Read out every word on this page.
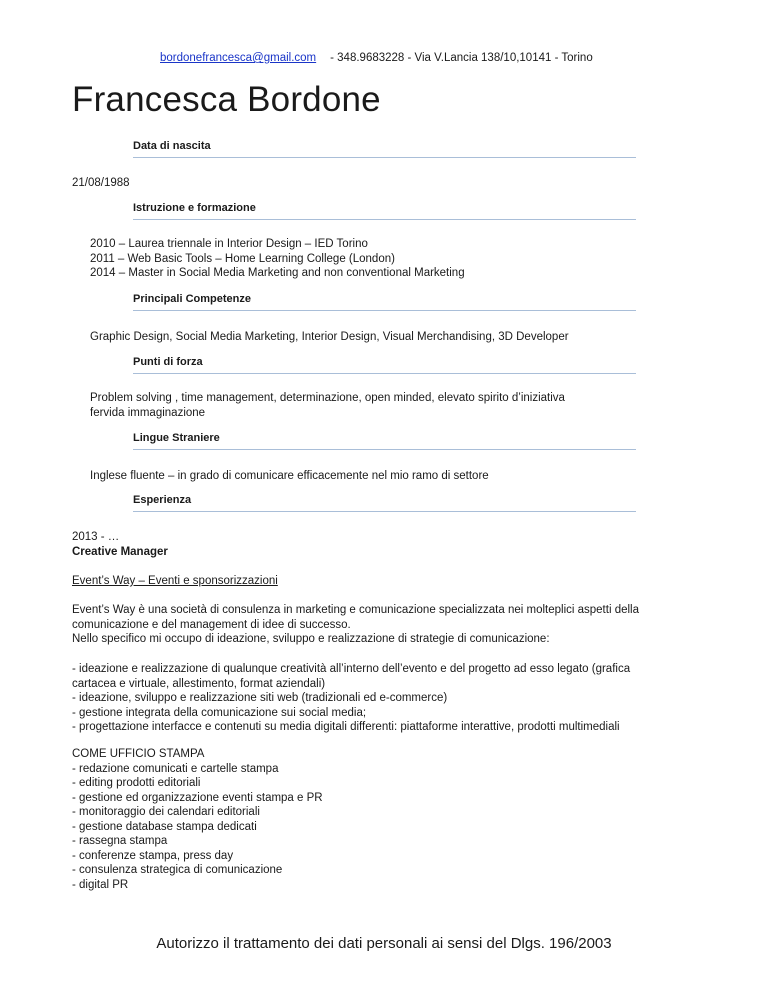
bordonefrancesca@gmail.com - 348.9683228 - Via V.Lancia 138/10,10141 - Torino
Francesca Bordone
Data di nascita
21/08/1988
Istruzione e formazione
2010 – Laurea triennale in Interior Design – IED Torino
2011 – Web Basic Tools – Home Learning College (London)
2014 – Master in Social Media Marketing and non conventional Marketing
Principali Competenze
Graphic Design, Social Media Marketing, Interior Design, Visual Merchandising, 3D Developer
Punti di forza
Problem solving , time management, determinazione, open minded, elevato spirito d’iniziativa
fervida immaginazione
Lingue Straniere
Inglese fluente – in grado di comunicare efficacemente nel mio ramo di settore
Esperienza
2013 - …
Creative Manager
Event’s Way – Eventi e sponsorizzazioni
Event’s Way è una società di consulenza in marketing e comunicazione specializzata nei molteplici aspetti della
comunicazione e del management di idee di successo.
Nello specifico mi occupo di ideazione, sviluppo e realizzazione di strategie di comunicazione:
- ideazione e realizzazione di qualunque creatività all’interno dell’evento e del progetto ad esso legato (grafica
cartacea e virtuale, allestimento, format aziendali)
- ideazione, sviluppo e realizzazione siti web (tradizionali ed e-commerce)
- gestione integrata della comunicazione sui social media;
- progettazione interfacce e contenuti su media digitali differenti: piattaforme interattive, prodotti multimediali
COME UFFICIO STAMPA
- redazione comunicati e cartelle stampa
- editing prodotti editoriali
- gestione ed organizzazione eventi stampa e PR
- monitoraggio dei calendari editoriali
- gestione database stampa dedicati
- rassegna stampa
- conferenze stampa, press day
- consulenza strategica di comunicazione
- digital PR
Autorizzo il trattamento dei dati personali ai sensi del Dlgs. 196/2003
